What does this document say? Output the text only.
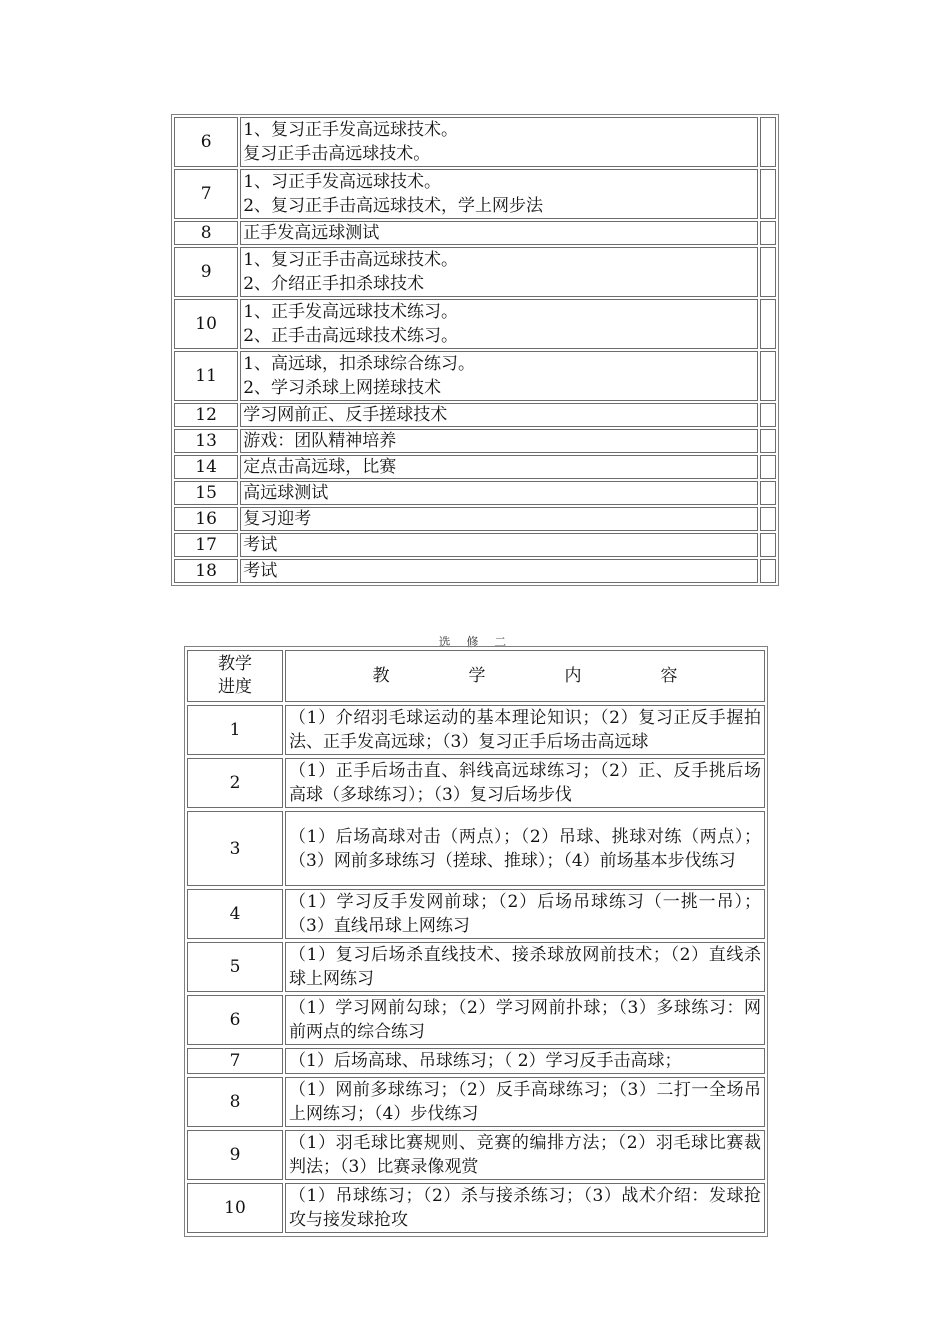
6	1、复习正手发高远球技术。
复习正手击高远球技术。	

7	1、习正手发高远球技术。
2、复习正手击高远球技术，学上网步法	

8	正手发高远球测试	

9	1、复习正手击高远球技术。
2、介绍正手扣杀球技术	

10	1、正手发高远球技术练习。
2、正手击高远球技术练习。	

11	1、高远球，扣杀球综合练习。
2、学习杀球上网搓球技术	

12	学习网前正、反手搓球技术	

13	游戏：团队精神培养	

14	定点击高远球，比赛	

15	高远球测试	

16	复习迎考	

17	考试	

18	考试	

选 修 二
教学
进度	教 学 内 容
1	（1）介绍羽毛球运动的基本理论知识；（2）复习正反手握拍法、正手发高远球；（3）复习正手后场击高远球
2	（1）正手后场击直、斜线高远球练习；（2）正、反手挑后场高球（多球练习）；（3）复习后场步伐
3	（1）后场高球对击（两点）；（2）吊球、挑球对练（两点）；（3）网前多球练习（搓球、推球）；（4）前场基本步伐练习
4	（1）学习反手发网前球；（2）后场吊球练习（一挑一吊）；（3）直线吊球上网练习
5	（1）复习后场杀直线技术、接杀球放网前技术；（2）直线杀球上网练习
6	（1）学习网前勾球；（2）学习网前扑球；（3）多球练习：网前两点的综合练习
7	（1）后场高球、吊球练习；（ 2）学习反手击高球；
8	（1）网前多球练习；（2）反手高球练习；（3）二打一全场吊上网练习；（4）步伐练习
9	（1）羽毛球比赛规则、竞赛的编排方法；（2）羽毛球比赛裁判法；（3）比赛录像观赏
10	（1）吊球练习；（2）杀与接杀练习；（3）战术介绍：发球抢攻与接发球抢攻
